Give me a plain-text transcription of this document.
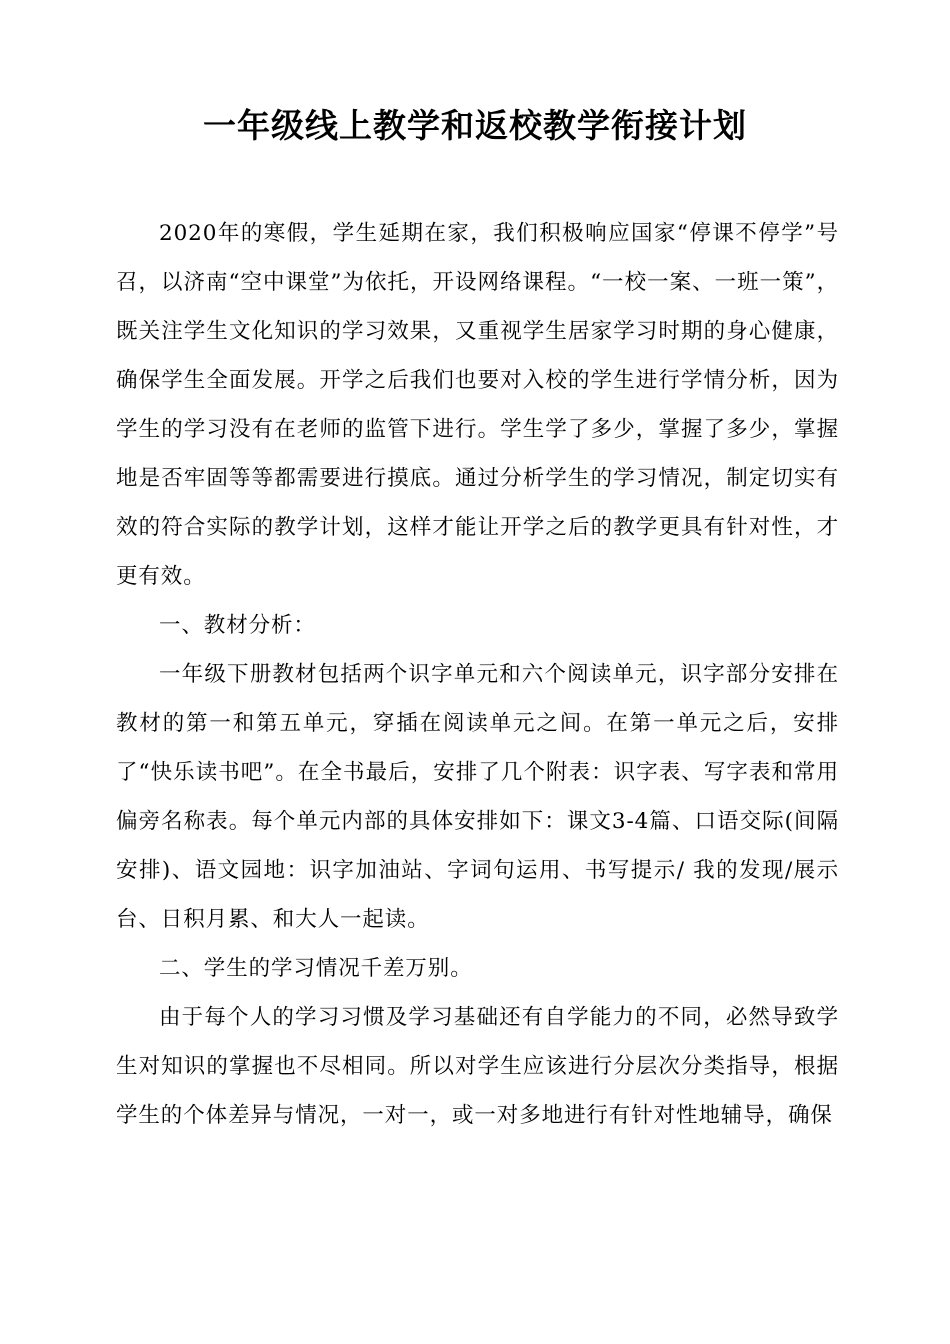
一年级线上教学和返校教学衔接计划

2020年的寒假，学生延期在家，我们积极响应国家“停课不停学”号召，以济南“空中课堂”为依托，开设网络课程。“一校一案、一班一策”，既关注学生文化知识的学习效果，又重视学生居家学习时期的身心健康，确保学生全面发展。开学之后我们也要对入校的学生进行学情分析，因为学生的学习没有在老师的监管下进行。学生学了多少，掌握了多少，掌握地是否牢固等等都需要进行摸底。通过分析学生的学习情况，制定切实有效的符合实际的教学计划，这样才能让开学之后的教学更具有针对性，才更有效。

一、教材分析：

一年级下册教材包括两个识字单元和六个阅读单元，识字部分安排在教材的第一和第五单元，穿插在阅读单元之间。在第一单元之后，安排了“快乐读书吧”。在全书最后，安排了几个附表：识字表、写字表和常用偏旁名称表。每个单元内部的具体安排如下：课文3-4篇、口语交际(间隔安排)、语文园地：识字加油站、字词句运用、书写提示/ 我的发现/展示台、日积月累、和大人一起读。

二、学生的学习情况千差万别。

由于每个人的学习习惯及学习基础还有自学能力的不同，必然导致学生对知识的掌握也不尽相同。所以对学生应该进行分层次分类指导，根据学生的个体差异与情况，一对一，或一对多地进行有针对性地辅导，确保
